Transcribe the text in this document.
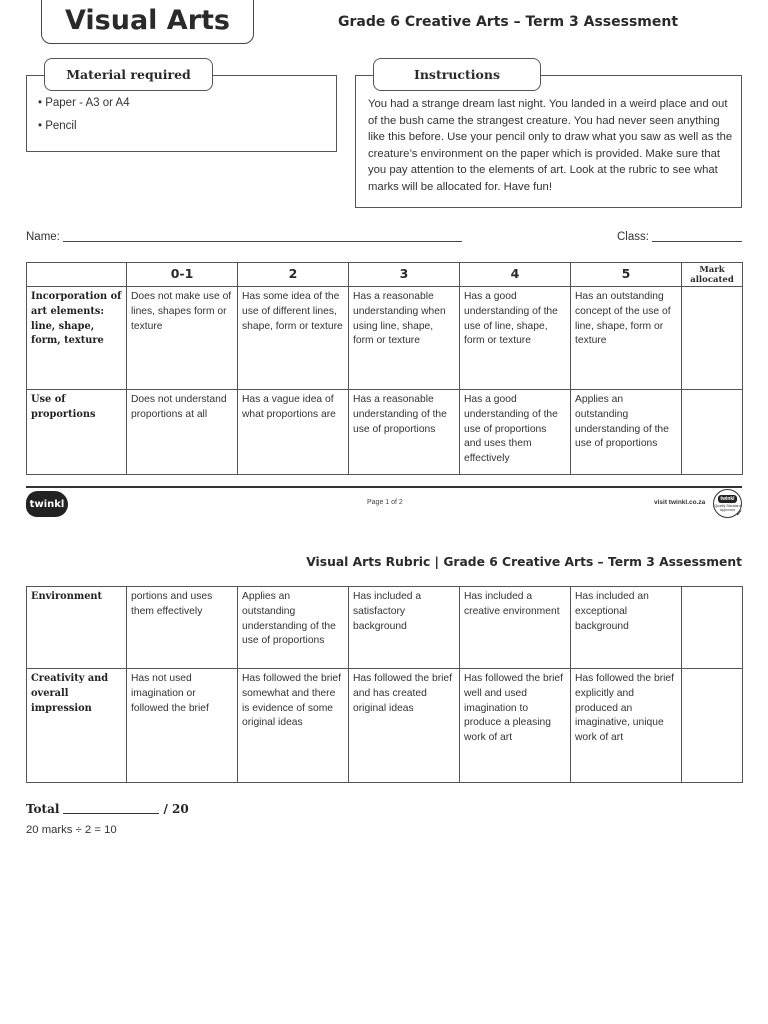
Visual Arts	Grade 6 Creative Arts – Term 3 Assessment
Material required
• Paper - A3 or A4
• Pencil
Instructions
You had a strange dream last night. You landed in a weird place and out of the bush came the strangest creature. You had never seen anything like this before. Use your pencil only to draw what you saw as well as the creature’s environment on the paper which is provided. Make sure that you pay attention to the elements of art. Look at the rubric to see what marks will be allocated for. Have fun!
Name:	Class:
	0-1	2	3	4	5	Mark allocated
Incorporation of art elements: line, shape, form, texture	Does not make use of lines, shapes form or texture	Has some idea of the use of different lines, shape, form or texture	Has a reasonable understanding when using line, shape, form or texture	Has a good understanding of the use of line, shape, form or texture	Has an outstanding concept of the use of line, shape, form or texture	
Use of proportions	Does not understand proportions at all	Has a vague idea of what proportions are	Has a reasonable understanding of the use of proportions	Has a good understanding of the use of proportions and uses them effectively	Applies an outstanding understanding of the use of proportions	
twinkl	Page 1 of 2	visit twinkl.co.za	twinkl
Quality Standard Approved ✓
Visual Arts Rubric | Grade 6 Creative Arts – Term 3 Assessment
Environment	portions and uses them effectively	Applies an outstanding understanding of the use of proportions	Has included a satisfactory background	Has included a creative environment	Has included an exceptional background	
Creativity and overall impression	Has not used imagination or followed the brief	Has followed the brief somewhat and there is evidence of some original ideas	Has followed the brief and has created original ideas	Has followed the brief well and used imagination to produce a pleasing work of art	Has followed the brief explicitly and produced an imaginative, unique work of art	
Total	/ 20
20 marks ÷ 2 = 10
